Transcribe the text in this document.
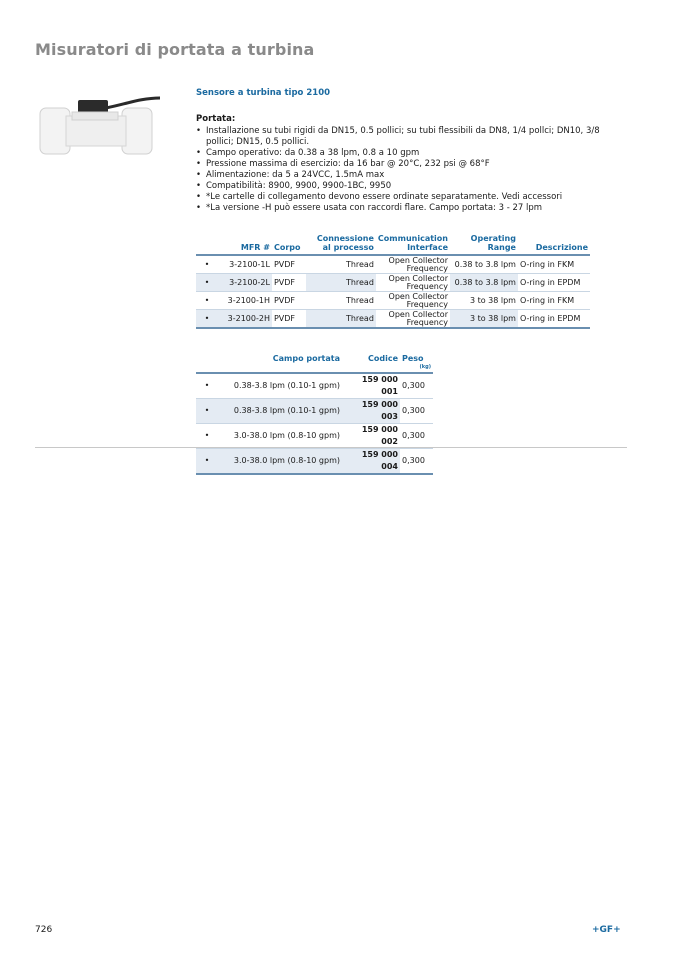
Misuratori di portata a turbina
Sensore a turbina tipo 2100
Portata:
• Installazione su tubi rigidi da DN15, 0.5 pollici; su tubi flessibili da DN8, 1/4 pollci; DN10, 3/8 pollici; DN15, 0.5 pollici.
• Campo operativo: da 0.38 a 38 lpm, 0.8 a 10 gpm
• Pressione massima di esercizio: da 16 bar @ 20°C, 232 psi @ 68°F
• Alimentazione: da 5 a 24VCC, 1.5mA max
• Compatibilità: 8900, 9900, 9900-1BC, 9950
• *Le cartelle di collegamento devono essere ordinate separatamente. Vedi accessori
• *La versione -H può essere usata con raccordi flare. Campo portata: 3 - 27 lpm
	MFR #	Corpo	Connessione al processo	Communication Interface	Operating Range	Descrizione
•	3-2100-1L	PVDF	Thread	Open Collector Frequency	0.38 to 3.8 lpm	O-ring in FKM
•	3-2100-2L	PVDF	Thread	Open Collector Frequency	0.38 to 3.8 lpm	O-ring in EPDM
•	3-2100-1H	PVDF	Thread	Open Collector Frequency	3 to 38 lpm	O-ring in FKM
•	3-2100-2H	PVDF	Thread	Open Collector Frequency	3 to 38 lpm	O-ring in EPDM
	Campo portata	Codice	Peso
			(kg)
•	0.38-3.8 lpm (0.10-1 gpm)	159 000 001	0,300
•	0.38-3.8 lpm (0.10-1 gpm)	159 000 003	0,300
•	3.0-38.0 lpm (0.8-10 gpm)	159 000 002	0,300
•	3.0-38.0 lpm (0.8-10 gpm)	159 000 004	0,300
726	+GF+
